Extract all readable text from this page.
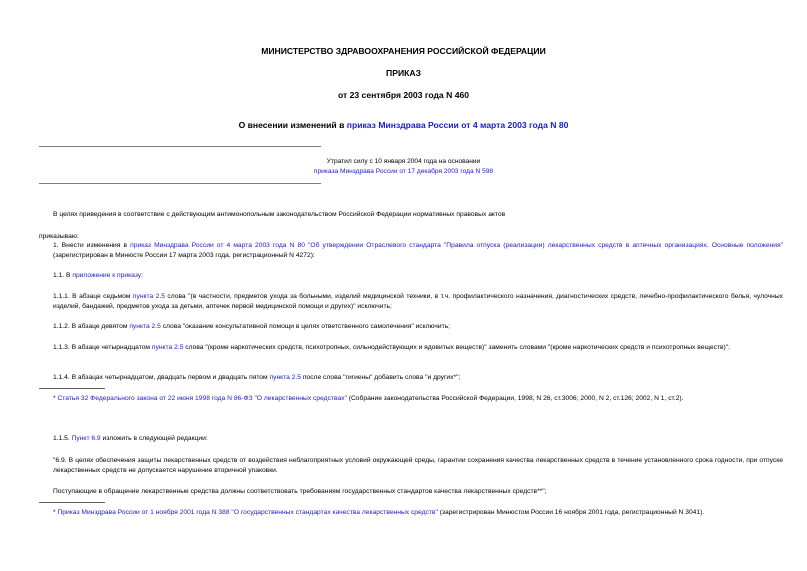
МИНИСТЕРСТВО ЗДРАВООХРАНЕНИЯ РОССИЙСКОЙ ФЕДЕРАЦИИ
ПРИКАЗ
от 23 сентября 2003 года N 460
О внесении изменений в приказ Минздрава России от 4 марта 2003 года N 80
Утратил силу с 10 января 2004 года на основании
приказа Минздрава России от 17 декабря 2003 года N 598
В целях приведения в соответствие с действующим антимонопольным законодательством Российской Федерации нормативных правовых актов
приказываю:
1. Внести изменения в приказ Минздрава России от 4 марта 2003 года N 80 "Об утверждении Отраслевого стандарта "Правила отпуска (реализации) лекарственных средств в аптечных организациях. Основные положения" (зарегистрирован в Минюсте России 17 марта 2003 года, регистрационный N 4272):
1.1. В приложение к приказу:
1.1.1. В абзаце седьмом пункта 2.5 слова "(в частности, предметов ухода за больными, изделий медицинской техники, в т.ч. профилактического назначения, диагностических средств, лечебно-профилактического белья, чулочных изделий, бандажей, предметов ухода за детьми, аптечек первой медицинской помощи и других)" исключить;
1.1.2. В абзаце девятом пункта 2.5 слова "оказание консультативной помощи в целях ответственного самолечения" исключить;
1.1.3. В абзаце четырнадцатом пункта 2.5 слова "(кроме наркотических средств, психотропных, сильнодействующих и ядовитых веществ)" заменить словами "(кроме наркотических средств и психотропных веществ)";
1.1.4. В абзацах четырнадцатом, двадцать первом и двадцать пятом пункта 2.5 после слова "гигиены" добавить слова "и других*";
* Статья 32 Федерального закона от 22 июня 1998 года N 86-ФЗ "О лекарственных средствах" (Собрание законодательства Российской Федерации, 1998, N 26, ст.3006; 2000, N 2, ст.126; 2002, N 1, ст.2).
1.1.5. Пункт 6.9 изложить в следующей редакции:
"6.9. В целях обеспечения защиты лекарственных средств от воздействия неблагоприятных условий окружающей среды, гарантии сохранения качества лекарственных средств в течение установленного срока годности, при отпуске лекарственных средств не допускается нарушение вторичной упаковки.
Поступающие в обращение лекарственные средства должны соответствовать требованиям государственных стандартов качества лекарственных средств**";
* Приказ Минздрава России от 1 ноября 2001 года N 388 "О государственных стандартах качества лекарственных средств" (зарегистрирован Минюстом России 16 ноября 2001 года, регистрационный N 3041).
